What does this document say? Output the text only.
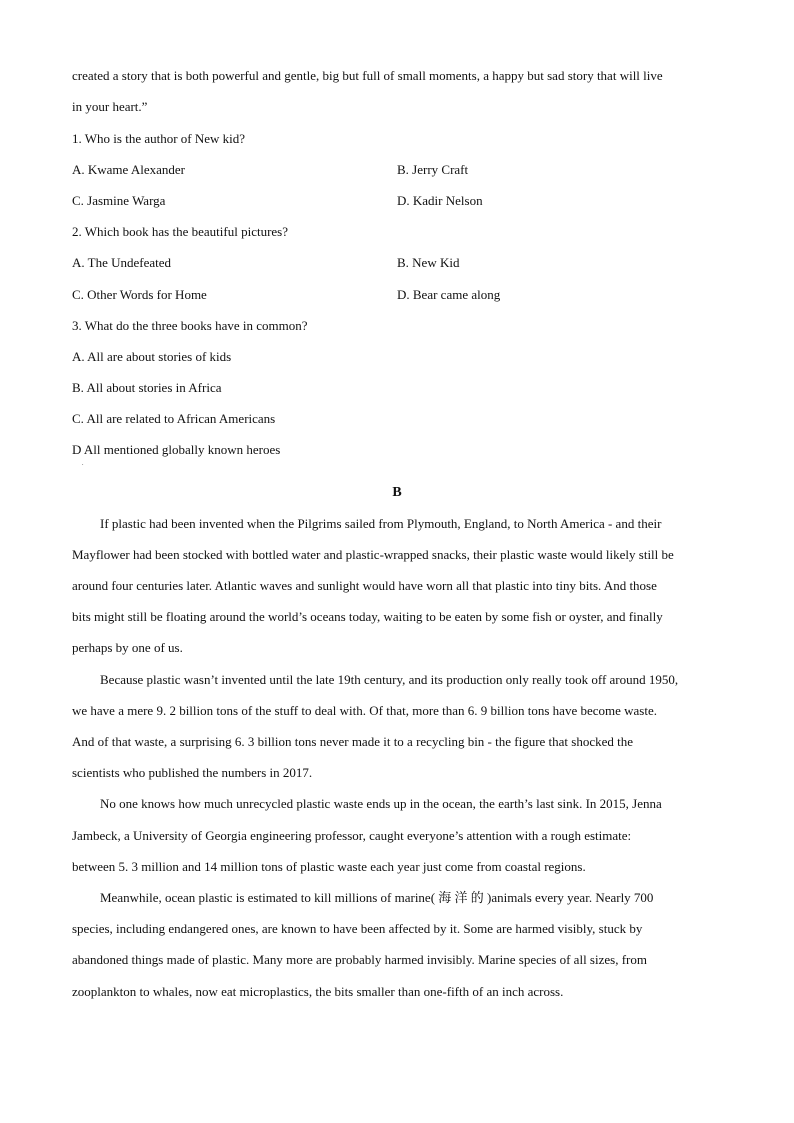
created a story that is both powerful and gentle, big but full of small moments, a happy but sad story that will live
in your heart.”
1. Who is the author of New kid?
A. Kwame Alexander	B. Jerry Craft
C. Jasmine Warga	D. Kadir Nelson
2. Which book has the beautiful pictures?
A. The Undefeated	B. New Kid
C. Other Words for Home	D. Bear came along
3. What do the three books have in common?
A. All are about stories of kids
B. All about stories in Africa
C. All are related to African Americans
D All mentioned globally known heroes
.
B
If plastic had been invented when the Pilgrims sailed from Plymouth, England, to North America - and their
Mayflower had been stocked with bottled water and plastic-wrapped snacks, their plastic waste would likely still be
around four centuries later. Atlantic waves and sunlight would have worn all that plastic into tiny bits. And those
bits might still be floating around the world’s oceans today, waiting to be eaten by some fish or oyster, and finally
perhaps by one of us.
Because plastic wasn’t invented until the late 19th century, and its production only really took off around 1950,
we have a mere 9. 2 billion tons of the stuff to deal with. Of that, more than 6. 9 billion tons have become waste.
And of that waste, a surprising 6. 3 billion tons never made it to a recycling bin - the figure that shocked the
scientists who published the numbers in 2017.
No one knows how much unrecycled plastic waste ends up in the ocean, the earth’s last sink. In 2015, Jenna
Jambeck, a University of Georgia engineering professor, caught everyone’s attention with a rough estimate:
between 5. 3 million and 14 million tons of plastic waste each year just come from coastal regions.
Meanwhile, ocean plastic is estimated to kill millions of marine( 海 洋 的 )animals every year. Nearly 700
species, including endangered ones, are known to have been affected by it. Some are harmed visibly, stuck by
abandoned things made of plastic. Many more are probably harmed invisibly. Marine species of all sizes, from
zooplankton to whales, now eat microplastics, the bits smaller than one-fifth of an inch across.
